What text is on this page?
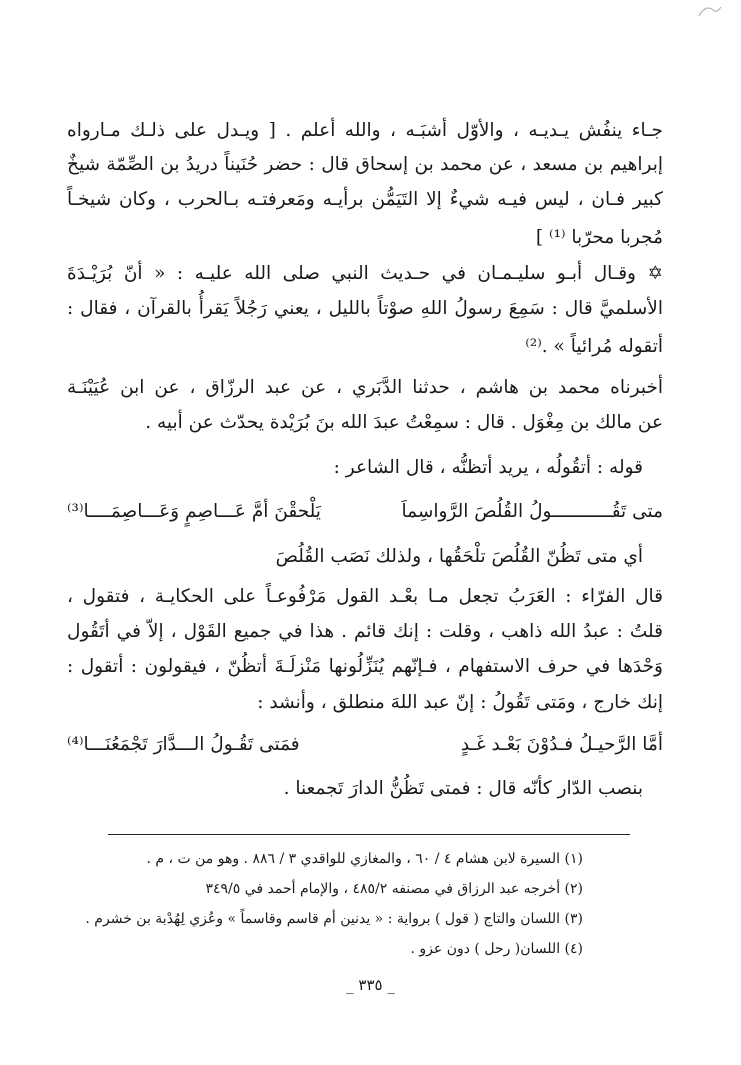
جـاء ينفُش يـديـه ، والأوّل أشبَـه ، والله أعلم . [ ويـدل على ذلـك مـارواه
إبراهيم بن مسعد ، عن محمد بن إسحاق قال : حضر حُنَيناً دريدُ بن الصِّمّة شيخٌ
كبير فـان ، ليس فيـه شيءٌ إلا التَيَمُّن برأيـه ومَعرفتـه بـالحرب ، وكان شيخـاً
مُجربا محرّبا ⁽¹⁾ ]
✡ وقـال أبـو سليـمـان في حـديث النبي صلى الله عليـه : « أنّ بُرَيْـدَةَ
الأسلميَّ قال : سَمِعَ رسولُ اللهِ صوْتاً بالليل ، يعني رَجُلاً يَقرأُ بالقرآن ، فقال :
أتقوله مُرائياً » .⁽²⁾
أخبرناه محمد بن هاشم ، حدثنا الدَّبَري ، عن عبد الرزّاق ، عن ابن عُيَيْنَـة
عن مالك بن مِغْوَل . قال : سمِعْتُ عبدَ الله بنَ بُرَيْدة يحدّث عن أبيه .
قوله : أتقُولُه ، يريد أتظنُّه ، قال الشاعر :
متى تَقُـــــــــــولُ القُلُصَ الرَّواسِماَ
يَلْحقْنَ أمَّ عَـــاصِمٍ وَعَـــاصِمَــــا⁽³⁾
أي متى تَظُنّ القُلُصَ تلْحَقُها ، ولذلك نَصَب القُلُصَ
قال الفرّاء : العَرَبُ تجعل مـا بعْـد القول مَرْفُوعـاً على الحكايـة ، فتقول ،
قلتُ : عبدُ الله ذاهب ، وقلت : إنك قائم . هذا في جميع القَوْل ، إلاّ في أتَقُول
وَحْدَها في حرف الاستفهام ، فـإنّهم يُنَزِّلُونها مَنْزلَـةَ أتظُنّ ، فيقولون : أتقول :
إنك خارج ، ومَتى تَقُولُ : إنّ عبد اللهَ منطلق ، وأنشد :
أمَّا الرَّحيـلُ فـدُوْنَ بَعْـد غَـدٍ
فمَتى تَقُـولُ الـــدَّارَ تَجْمَعُنَـــا⁽⁴⁾
بنصب الدّار كأنّه قال : فمتى تَظُنُّ الدارَ تَجمعنا .
(١) السيرة لابن هشام ٤ / ٦٠ ، والمغازي للواقدي ٣ / ٨٨٦ . وهو من ت ، م .
(٢) أخرجه عبد الرزاق في مصنفه ٤٨٥/٢ ، والإمام أحمد في ٣٤٩/٥
(٣) اللسان والتاج ( قول ) برواية : « يدنين أم قاسم وقاسماً » وعُزي لِهُدْبة بن خشرم .
(٤) اللسان( رحل ) دون عزو .
_ ٣٣٥ _
